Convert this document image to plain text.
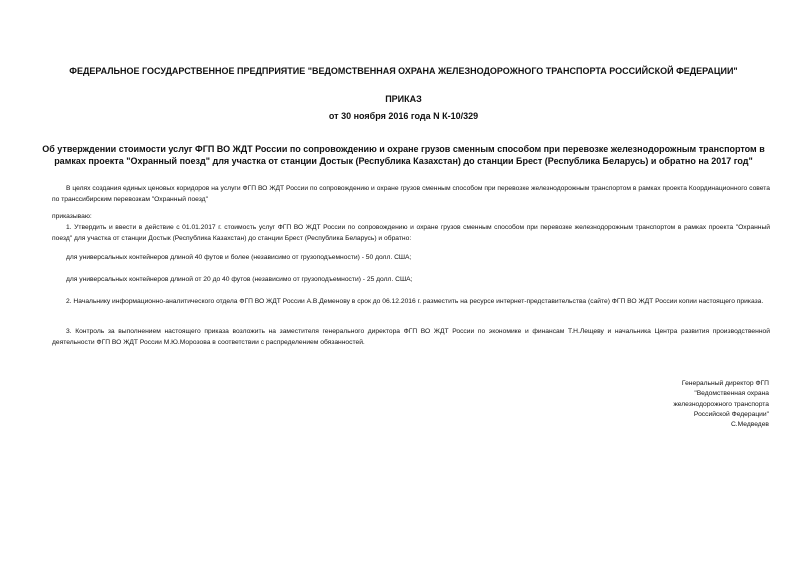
ФЕДЕРАЛЬНОЕ ГОСУДАРСТВЕННОЕ ПРЕДПРИЯТИЕ "ВЕДОМСТВЕННАЯ ОХРАНА ЖЕЛЕЗНОДОРОЖНОГО ТРАНСПОРТА РОССИЙСКОЙ ФЕДЕРАЦИИ"
ПРИКАЗ
от 30 ноября 2016 года N К-10/329
Об утверждении стоимости услуг ФГП ВО ЖДТ России по сопровождению и охране грузов сменным способом при перевозке железнодорожным транспортом в рамках проекта "Охранный поезд" для участка от станции Достык (Республика Казахстан) до станции Брест (Республика Беларусь) и обратно на 2017 год"
В целях создания единых ценовых коридоров на услуги ФГП ВО ЖДТ России по сопровождению и охране грузов сменным способом при перевозке железнодорожным транспортом в рамках проекта Координационного совета по транссибирским перевозкам "Охранный поезд"
приказываю:
1. Утвердить и ввести в действие с 01.01.2017 г. стоимость услуг ФГП ВО ЖДТ России по сопровождению и охране грузов сменным способом при перевозке железнодорожным транспортом в рамках проекта "Охранный поезд" для участка от станции Достык (Республика Казахстан) до станции Брест (Республика Беларусь) и обратно:
для универсальных контейнеров длиной 40 футов и более (независимо от грузоподъемности) - 50 долл. США;
для универсальных контейнеров длиной от 20 до 40 футов (независимо от грузоподъемности) - 25 долл. США;
2. Начальнику информационно-аналитического отдела ФГП ВО ЖДТ России А.В.Деменову в срок до 06.12.2016 г. разместить на ресурсе интернет-представительства (сайте) ФГП ВО ЖДТ России копии настоящего приказа.
3. Контроль за выполнением настоящего приказа возложить на заместителя генерального директора ФГП ВО ЖДТ России по экономике и финансам Т.Н.Лещеву и начальника Центра развития производственной деятельности ФГП ВО ЖДТ России М.Ю.Морозова в соответствии с распределением обязанностей.
Генеральный директор ФГП
"Ведомственная охрана
железнодорожного транспорта
Российской Федерации"
С.Медведев
